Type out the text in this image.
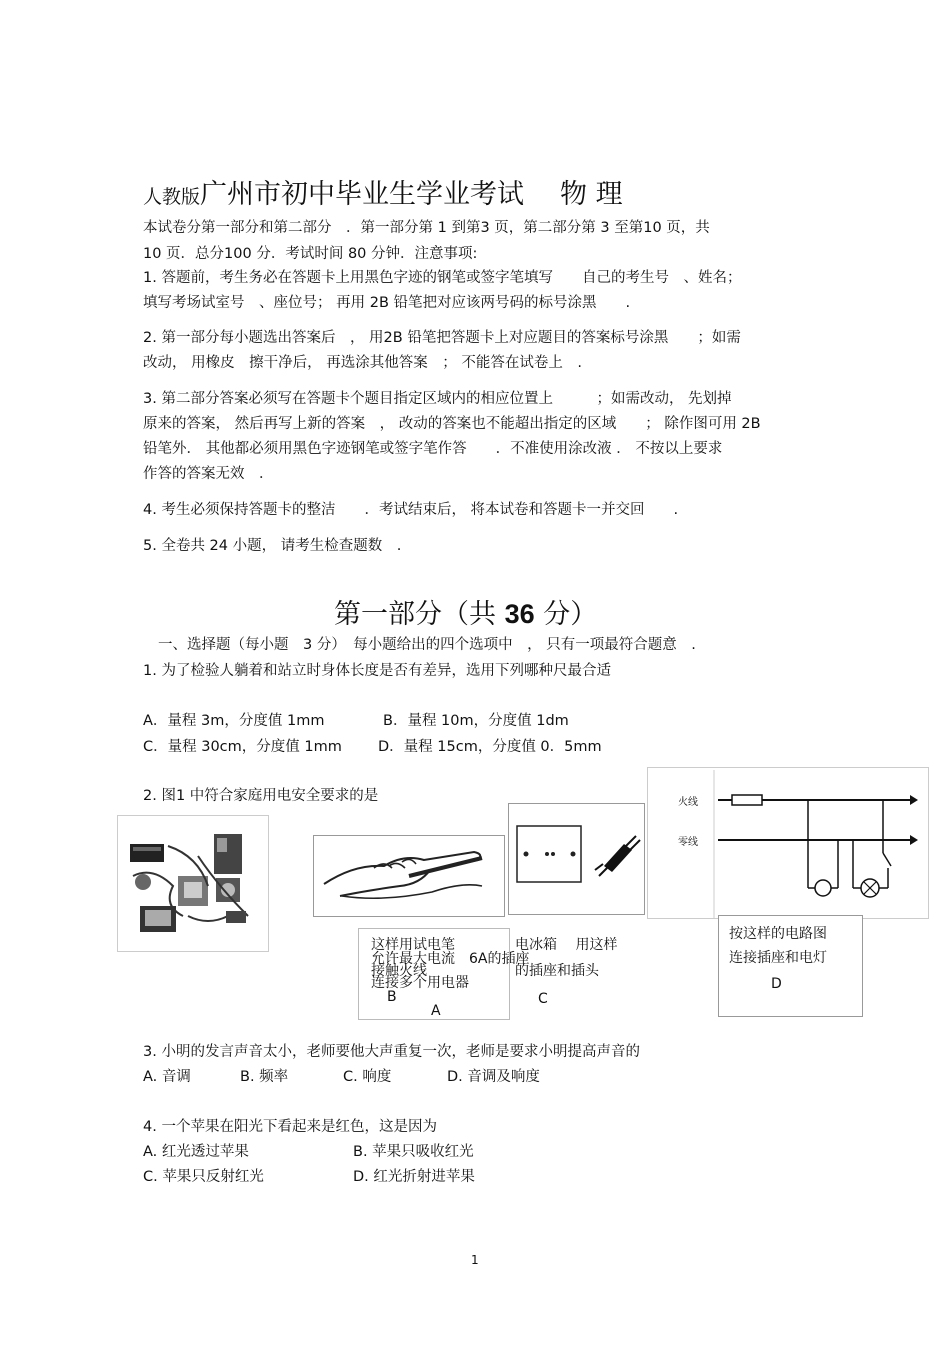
人教版广州市初中毕业生学业考试 物 理
本试卷分第一部分和第二部分　．第一部分第 1 到第3 页，第二部分第 3 至第10 页，共
10 页．总分100 分．考试时间 80 分钟．注意事项:
1. 答题前，考生务必在答题卡上用黑色字迹的钢笔或签字笔填写　　自己的考生号　、姓名；
填写考场试室号　、座位号； 再用 2B 铅笔把对应该两号码的标号涂黑　　.
2. 第一部分每小题选出答案后　， 用2B 铅笔把答题卡上对应题目的答案标号涂黑　　；如需
改动， 用橡皮　擦干净后， 再选涂其他答案　； 不能答在试卷上　.
3. 第二部分答案必须写在答题卡个题目指定区域内的相应位置上　　　；如需改动， 先划掉
原来的答案， 然后再写上新的答案　， 改动的答案也不能超出指定的区域　　； 除作图可用 2B
铅笔外． 其他都必须用黑色字迹钢笔或签字笔作答　　．不准使用涂改液 ． 不按以上要求
作答的答案无效　．
4. 考生必须保持答题卡的整洁　　．考试结束后， 将本试卷和答题卡一并交回　　.
5. 全卷共 24 小题， 请考生检查题数　.
第一部分（共 36 分）
一、选择题（每小题　3 分）　每小题给出的四个选项中　， 只有一项最符合题意　.
1. 为了检验人躺着和站立时身体长度是否有差异，选用下列哪种尺最合适
A．量程 3m，分度值 1mm	B．量程 10m，分度值 1dm
C．量程 30cm，分度值 1mm D．量程 15cm，分度值 0．5mm
2. 图1 中符合家庭用电安全要求的是
这样用试电笔
允许最大电流　6A的插座
接触火线
连接多个用电器
B
A
电冰箱　 用这样
的插座和插头
C
火线
零线
按这样的电路图
连接插座和电灯
D
3. 小明的发言声音太小，老师要他大声重复一次，老师是要求小明提高声音的
A. 音调	B. 频率	C. 响度	D. 音调及响度
4. 一个苹果在阳光下看起来是红色，这是因为
A. 红光透过苹果	B. 苹果只吸收红光
C. 苹果只反射红光	D. 红光折射进苹果
1
